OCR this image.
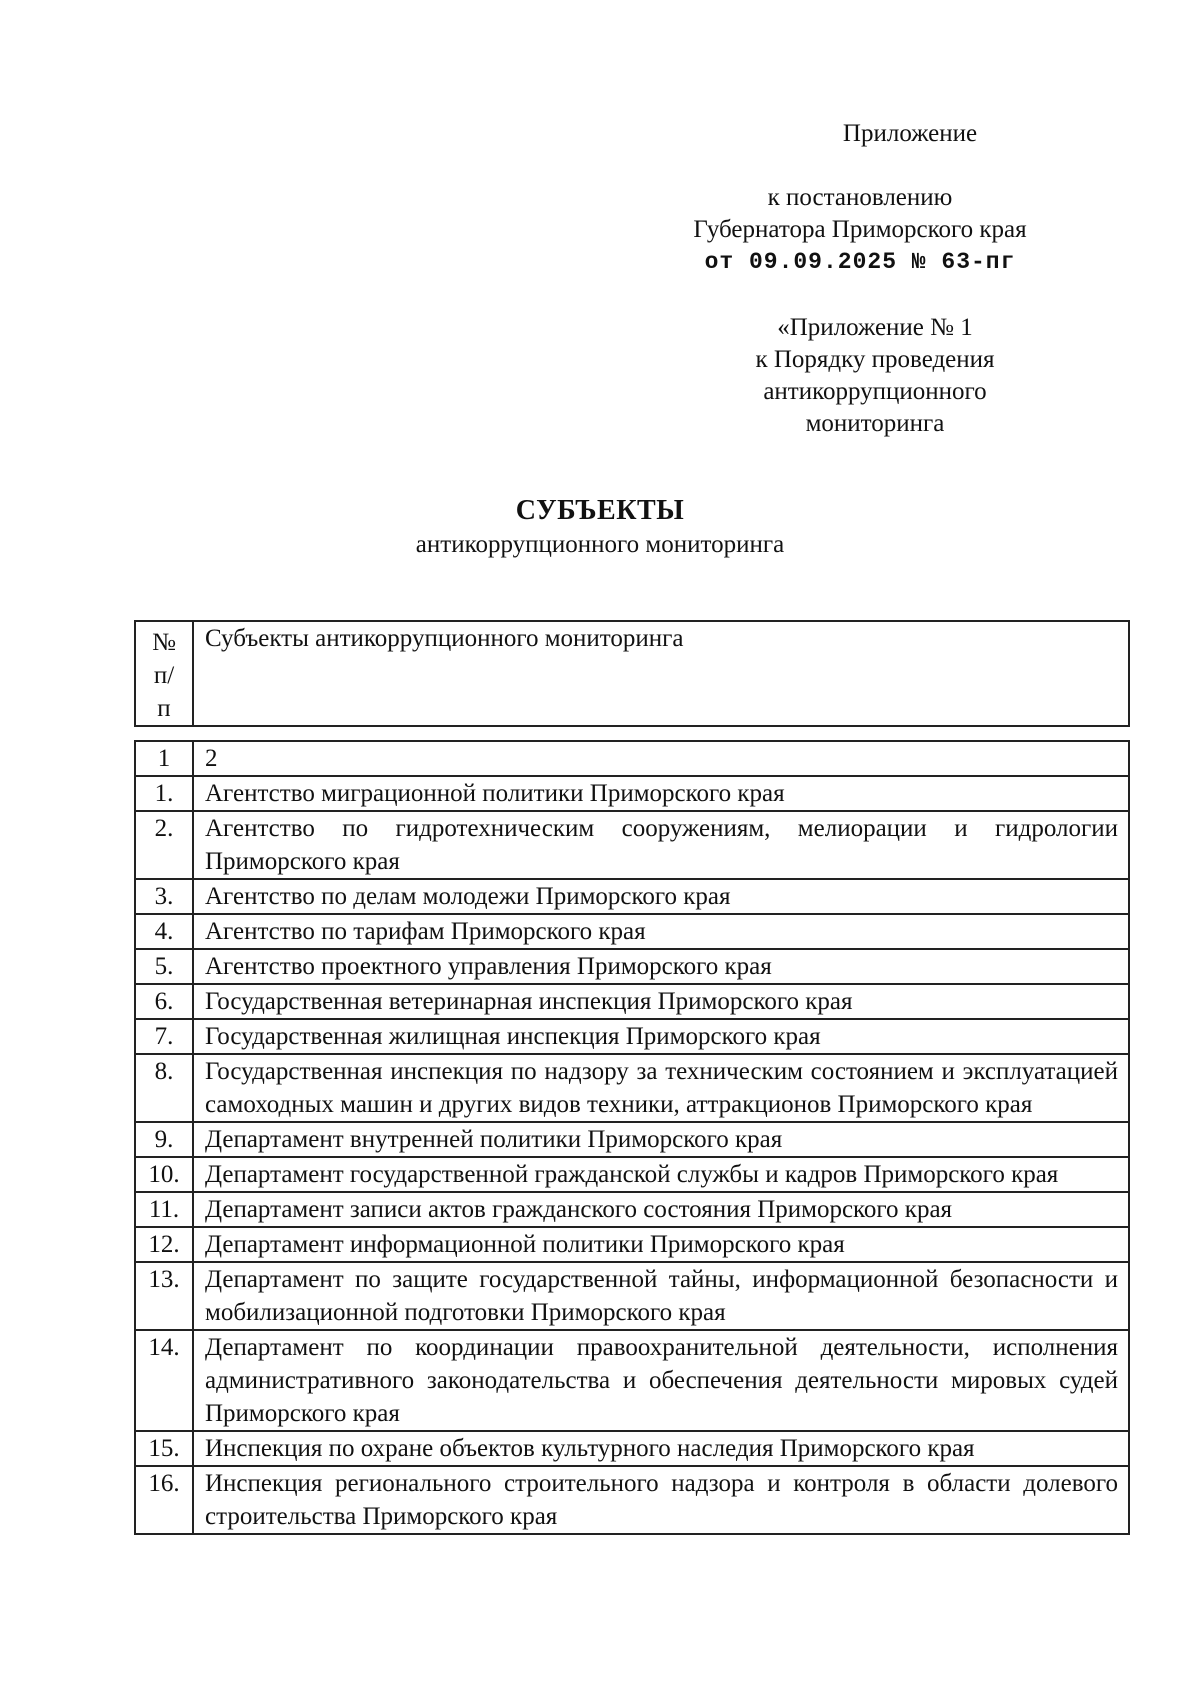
Приложение
к постановлению
Губернатора Приморского края
от 09.09.2025 № 63-пг
«Приложение № 1
к Порядку проведения
антикоррупционного
мониторинга
СУБЪЕКТЫ
антикоррупционного мониторинга
№
п/
п
	Субъекты антикоррупционного мониторинга
1	2
1.	Агентство миграционной политики Приморского края
2.	Агентство по гидротехническим сооружениям, мелиорации и гидрологии Приморского края
3.	Агентство по делам молодежи Приморского края
4.	Агентство по тарифам Приморского края
5.	Агентство проектного управления Приморского края
6.	Государственная ветеринарная инспекция Приморского края
7.	Государственная жилищная инспекция Приморского края
8.	Государственная инспекция по надзору за техническим состоянием и эксплуатацией самоходных машин и других видов техники, аттракционов Приморского края
9.	Департамент внутренней политики Приморского края
10.	Департамент государственной гражданской службы и кадров Приморского края
11.	Департамент записи актов гражданского состояния Приморского края
12.	Департамент информационной политики Приморского края
13.	Департамент по защите государственной тайны, информационной безопасности и мобилизационной подготовки Приморского края
14.	Департамент по координации правоохранительной деятельности, исполнения административного законодательства и обеспечения деятельности мировых судей Приморского края
15.	Инспекция по охране объектов культурного наследия Приморского края
16.	Инспекция регионального строительного надзора и контроля в области долевого строительства Приморского края
